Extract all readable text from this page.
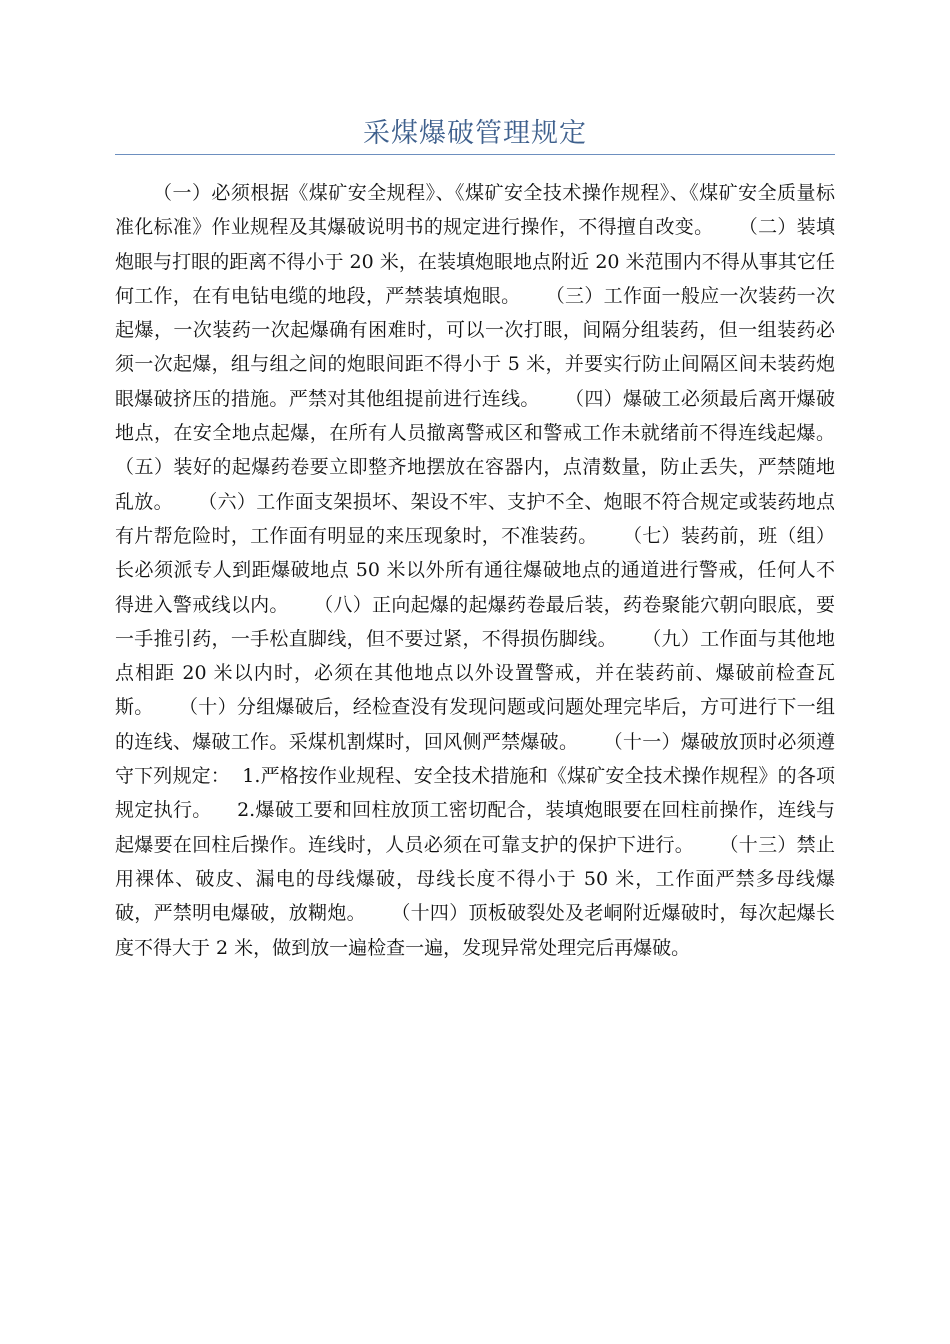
采煤爆破管理规定

（一）必须根据《煤矿安全规程》、《煤矿安全技术操作规程》、《煤矿安全质量标准化标准》作业规程及其爆破说明书的规定进行操作，不得擅自改变。    （二）装填炮眼与打眼的距离不得小于 20 米，在装填炮眼地点附近 20 米范围内不得从事其它任何工作，在有电钻电缆的地段，严禁装填炮眼。    （三）工作面一般应一次装药一次起爆，一次装药一次起爆确有困难时，可以一次打眼，间隔分组装药，但一组装药必须一次起爆，组与组之间的炮眼间距不得小于 5 米，并要实行防止间隔区间未装药炮眼爆破挤压的措施。严禁对其他组提前进行连线。    （四）爆破工必须最后离开爆破地点，在安全地点起爆，在所有人员撤离警戒区和警戒工作未就绪前不得连线起爆。    （五）装好的起爆药卷要立即整齐地摆放在容器内，点清数量，防止丢失，严禁随地乱放。    （六）工作面支架损坏、架设不牢、支护不全、炮眼不符合规定或装药地点有片帮危险时，工作面有明显的来压现象时，不准装药。    （七）装药前，班（组）长必须派专人到距爆破地点 50 米以外所有通往爆破地点的通道进行警戒，任何人不得进入警戒线以内。    （八）正向起爆的起爆药卷最后装，药卷聚能穴朝向眼底，要一手推引药，一手松直脚线，但不要过紧，不得损伤脚线。    （九）工作面与其他地点相距 20 米以内时，必须在其他地点以外设置警戒，并在装药前、爆破前检查瓦斯。    （十）分组爆破后，经检查没有发现问题或问题处理完毕后，方可进行下一组的连线、爆破工作。采煤机割煤时，回风侧严禁爆破。    （十一）爆破放顶时必须遵守下列规定：  1.严格按作业规程、安全技术措施和《煤矿安全技术操作规程》的各项规定执行。    2.爆破工要和回柱放顶工密切配合，装填炮眼要在回柱前操作，连线与起爆要在回柱后操作。连线时，人员必须在可靠支护的保护下进行。    （十三）禁止用裸体、破皮、漏电的母线爆破，母线长度不得小于 50 米，工作面严禁多母线爆破，严禁明电爆破，放糊炮。    （十四）顶板破裂处及老峒附近爆破时，每次起爆长度不得大于 2 米，做到放一遍检查一遍，发现异常处理完后再爆破。
